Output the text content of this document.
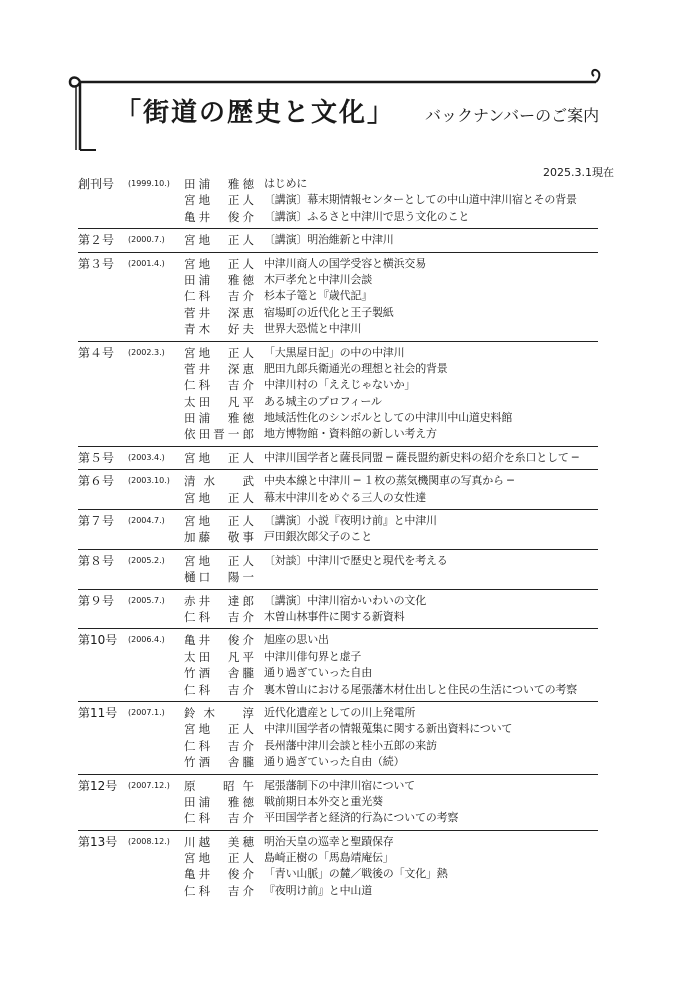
「街道の歴史と文化」 バックナンバーのご案内
2025.3.1現在
創刊号 (1999.10.) 田浦　雅徳 はじめに
宮地　正人 〔講演〕幕末期情報センターとしての中山道中津川宿とその背景
亀井　俊介 〔講演〕ふるさと中津川で思う文化のこと
第２号 (2000.7.) 宮地　正人 〔講演〕明治維新と中津川
第３号 (2001.4.) 宮地　正人 中津川商人の国学受容と横浜交易
田浦　雅徳 木戸孝允と中津川会談
仁科　吉介 杉本子篭と『歳代記』
菅井　深恵 宿場町の近代化と王子製紙
青木　好夫 世界大恐慌と中津川
第４号 (2002.3.) 宮地　正人 「大黒屋日記」の中の中津川
菅井　深恵 肥田九郎兵衛通光の理想と社会的背景
仁科　吉介 中津川村の「ええじゃないか」
太田　凡平 ある城主のプロフィール
田浦　雅徳 地域活性化のシンボルとしての中津川中山道史料館
依田晋一郎 地方博物館・資料館の新しい考え方
第５号 (2003.4.) 宮地　正人 中津川国学者と薩長同盟 ─ 薩長盟約新史料の紹介を糸口として ─
第６号 (2003.10.) 清水　武 中央本線と中津川 ─ １枚の蒸気機関車の写真から ─
宮地　正人 幕末中津川をめぐる三人の女性達
第７号 (2004.7.) 宮地　正人 〔講演〕小説『夜明け前』と中津川
加藤　敬事 戸田銀次郎父子のこと
第８号 (2005.2.) 宮地　正人 〔対談〕中津川で歴史と現代を考える
樋口　陽一
第９号 (2005.7.) 赤井　達郎 〔講演〕中津川宿かいわいの文化
仁科　吉介 木曽山林事件に関する新資料
第10号 (2006.4.) 亀井　俊介 旭座の思い出
太田　凡平 中津川俳句界と虚子
竹酒　舎朧 通り過ぎていった自由
仁科　吉介 裏木曽山における尾張藩木材仕出しと住民の生活についての考察
第11号 (2007.1.) 鈴木　淳 近代化遺産としての川上発電所
宮地　正人 中津川国学者の情報蒐集に関する新出資料について
仁科　吉介 長州藩中津川会談と桂小五郎の来訪
竹酒　舎朧 通り過ぎていった自由（続）
第12号 (2007.12.) 原　昭午 尾張藩制下の中津川宿について
田浦　雅徳 戦前期日本外交と重光葵
仁科　吉介 平田国学者と経済的行為についての考察
第13号 (2008.12.) 川越　美穂 明治天皇の巡幸と聖蹟保存
宮地　正人 島崎正樹の「馬島靖庵伝」
亀井　俊介 「青い山脈」の麓／戦後の「文化」熱
仁科　吉介 『夜明け前』と中山道
